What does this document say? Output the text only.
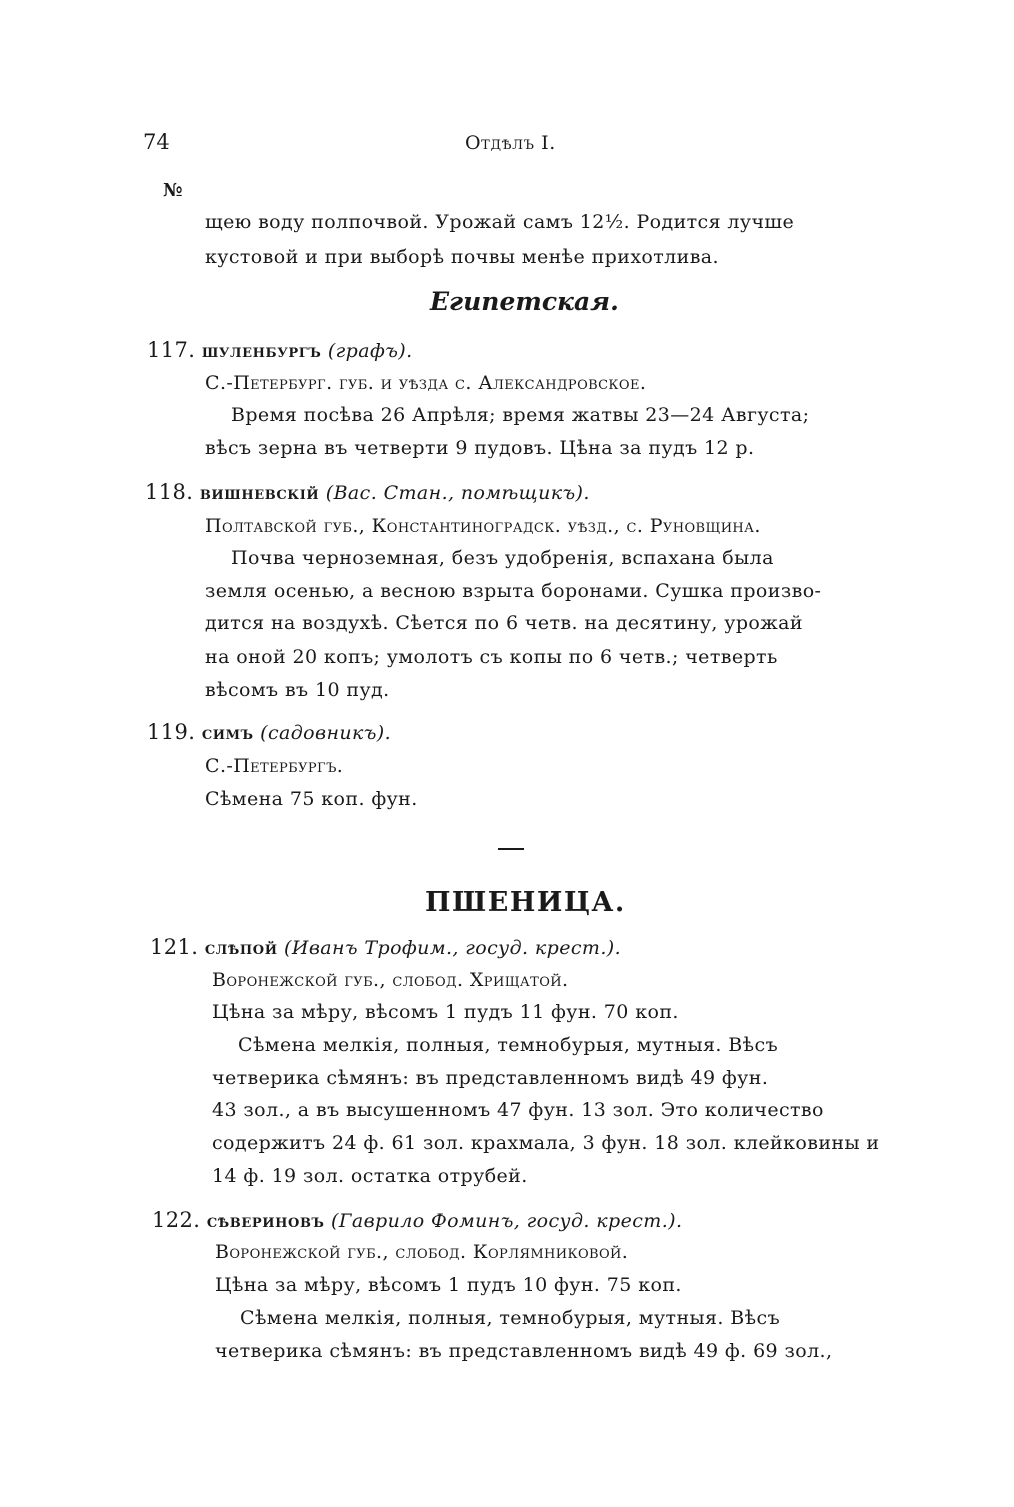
74	Отдѣлъ I.
№
щею воду полпочвой. Урожай самъ 12½. Родится лучше
кустовой и при выборѣ почвы менѣе прихотлива.
Египетская.
117. шуленбургъ (графъ).
С.-Петербург. губ. и уѣзда с. Александровское.
Время посѣва 26 Апрѣля; время жатвы 23—24 Августа;
вѣсъ зерна въ четверти 9 пудовъ. Цѣна за пудъ 12 р.
118. вишневскій (Вас. Стан., помѣщикъ).
Полтавской губ., Константиноградск. уѣзд., с. Руновщина.
Почва черноземная, безъ удобренія, вспахана была
земля осенью, а весною взрыта боронами. Сушка произво-
дится на воздухѣ. Сѣется по 6 четв. на десятину, урожай
на оной 20 копъ; умолотъ съ копы по 6 четв.; четверть
вѣсомъ въ 10 пуд.
119. симъ (садовникъ).
С.-Петербургъ.
Сѣмена 75 коп. фун.
ПШЕНИЦА.
121. слѣпой (Иванъ Трофим., госуд. крест.).
Воронежской губ., слобод. Хрищатой.
Цѣна за мѣру, вѣсомъ 1 пудъ 11 фун. 70 коп.
Сѣмена мелкія, полныя, темнобурыя, мутныя. Вѣсъ
четверика сѣмянъ: въ представленномъ видѣ 49 фун.
43 зол., а въ высушенномъ 47 фун. 13 зол. Это количество
содержитъ 24 ф. 61 зол. крахмала, 3 фун. 18 зол. клейковины и
14 ф. 19 зол. остатка отрубей.
122. сѣвериновъ (Гаврило Фоминъ, госуд. крест.).
Воронежской губ., слобод. Корлямниковой.
Цѣна за мѣру, вѣсомъ 1 пудъ 10 фун. 75 коп.
Сѣмена мелкія, полныя, темнобурыя, мутныя. Вѣсъ
четверика сѣмянъ: въ представленномъ видѣ 49 ф. 69 зол.,
